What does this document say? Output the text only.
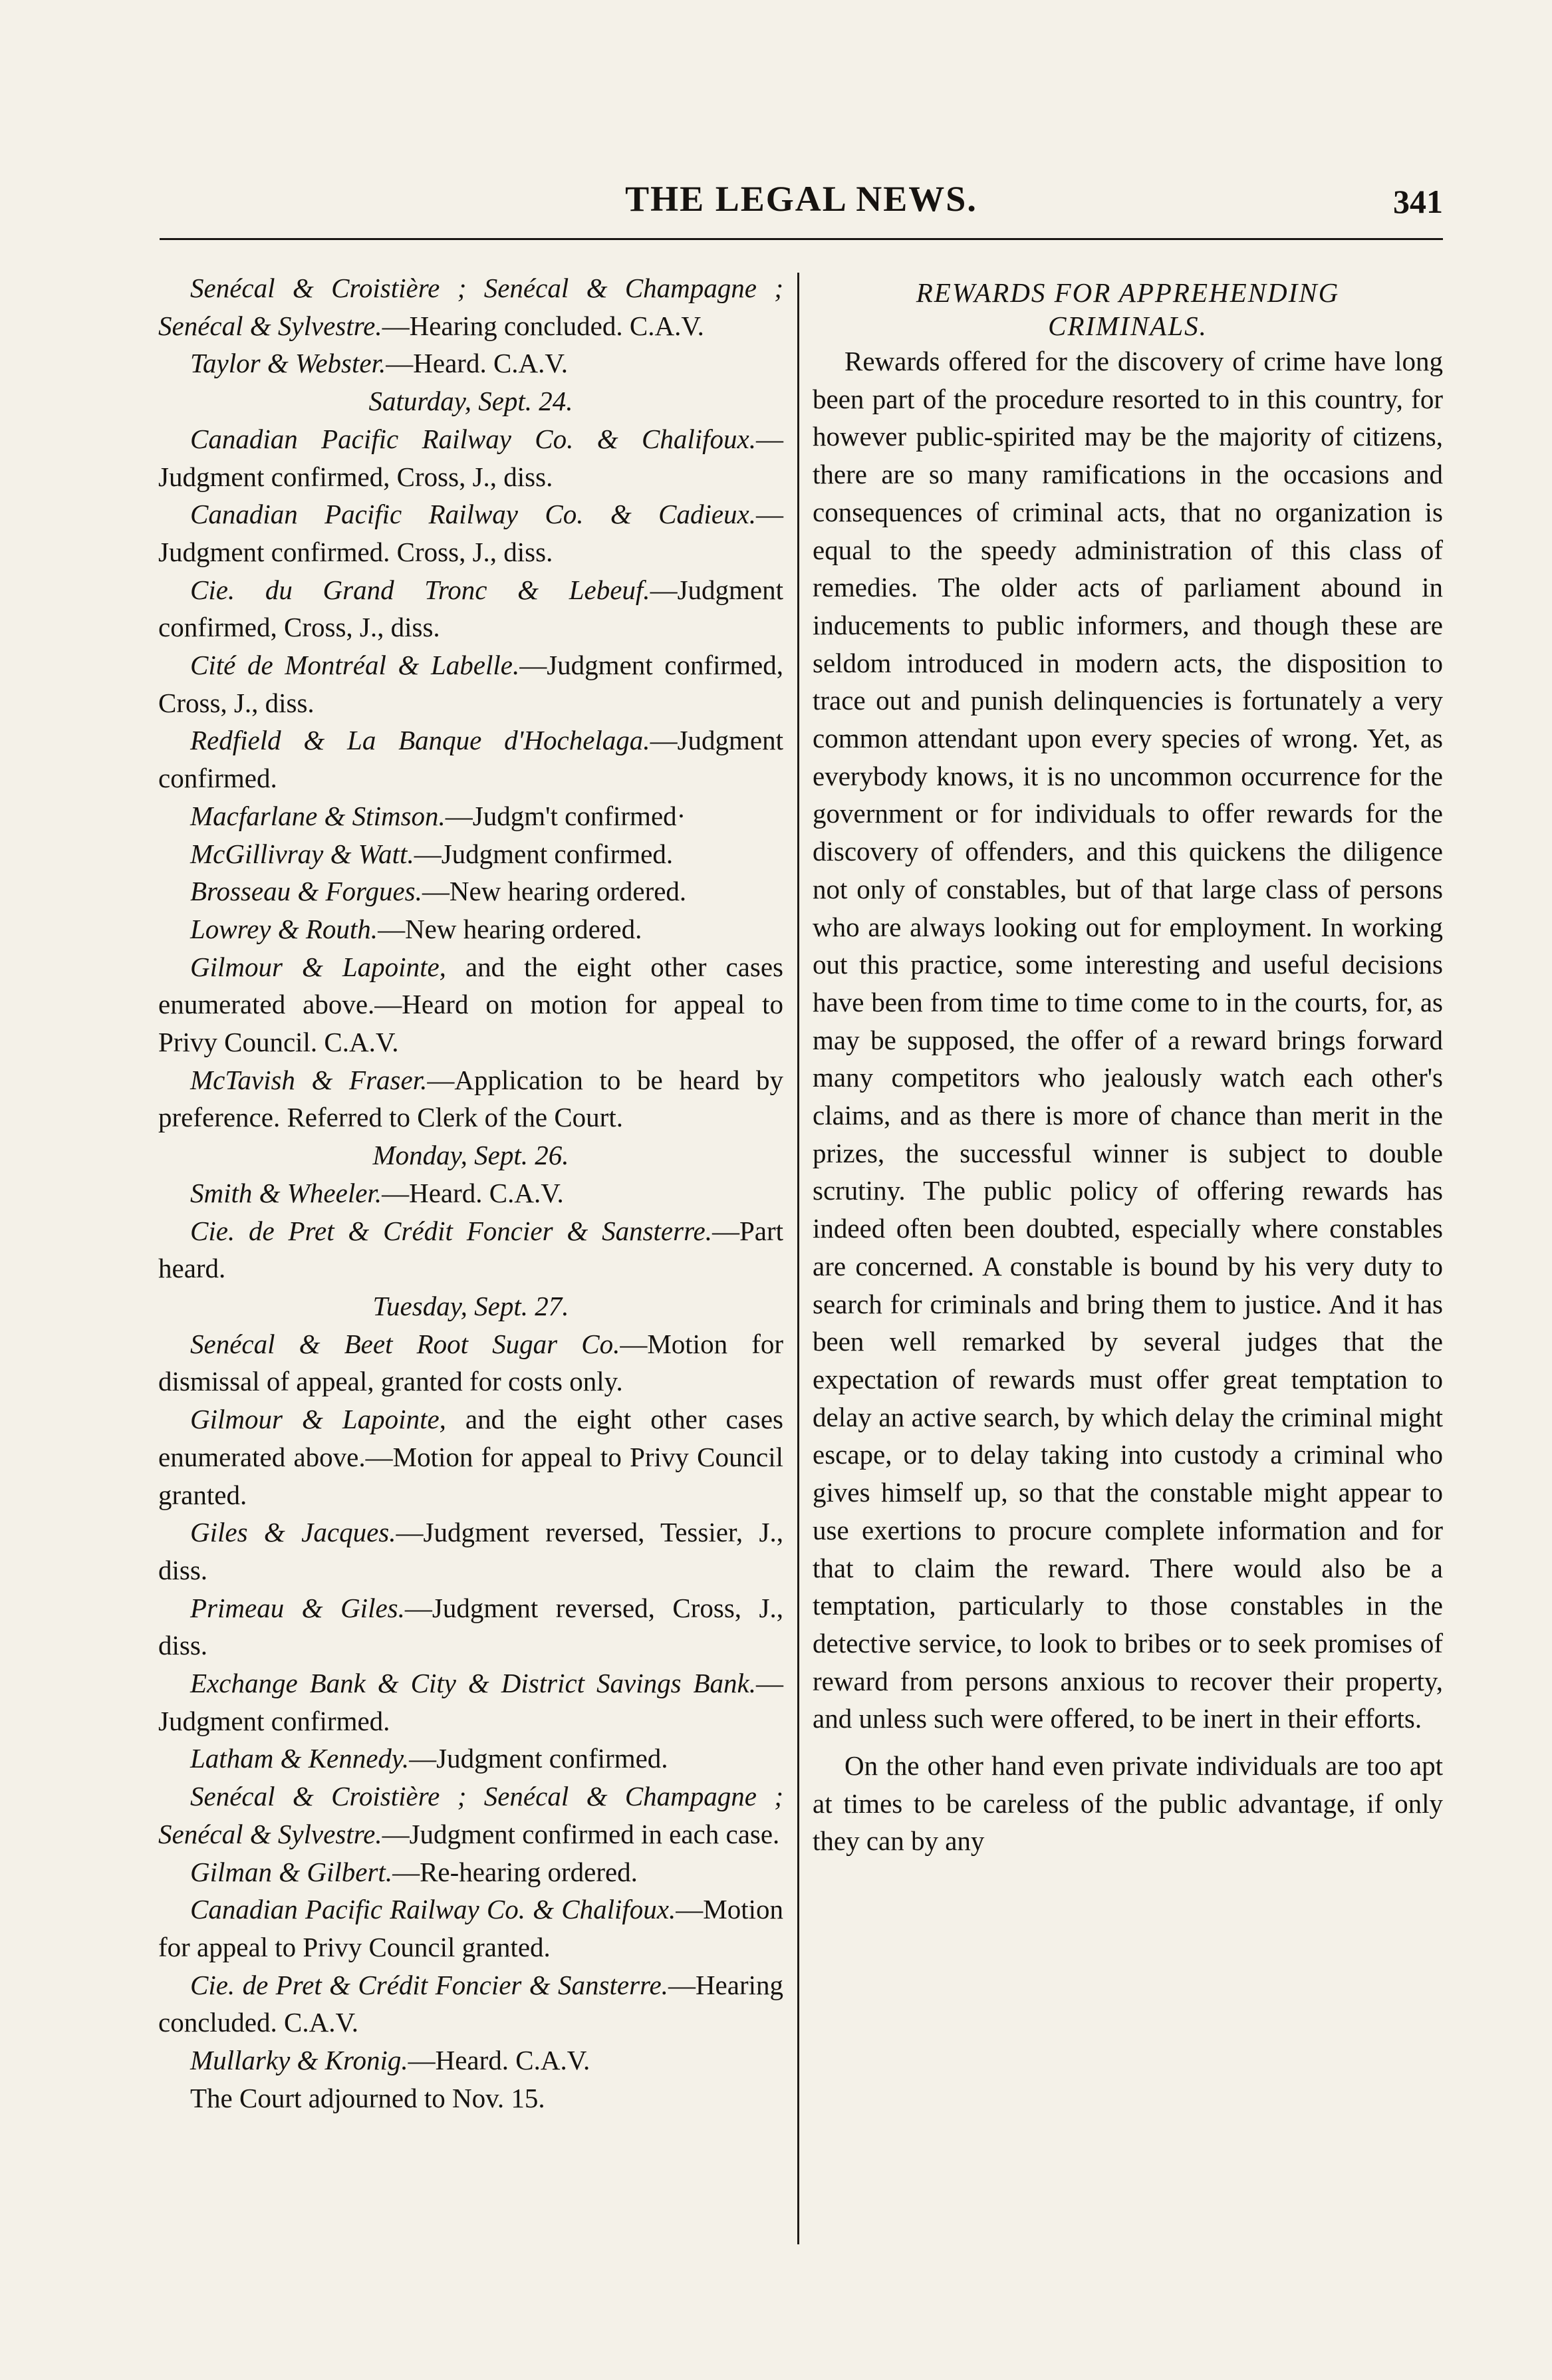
THE LEGAL NEWS.	341

Senécal & Croistière ; Senécal & Champagne ; Senécal & Sylvestre.—Hearing concluded. C.A.V.

Taylor & Webster.—Heard. C.A.V.

Saturday, Sept. 24.

Canadian Pacific Railway Co. & Chalifoux.—Judgment confirmed, Cross, J., diss.

Canadian Pacific Railway Co. & Cadieux.—Judgment confirmed. Cross, J., diss.

Cie. du Grand Tronc & Lebeuf.—Judgment confirmed, Cross, J., diss.

Cité de Montréal & Labelle.—Judgment confirmed, Cross, J., diss.

Redfield & La Banque d'Hochelaga.—Judgment confirmed.

Macfarlane & Stimson.—Judgm't confirmed·

McGillivray & Watt.—Judgment confirmed.

Brosseau & Forgues.—New hearing ordered.

Lowrey & Routh.—New hearing ordered.

Gilmour & Lapointe, and the eight other cases enumerated above.—Heard on motion for appeal to Privy Council. C.A.V.

McTavish & Fraser.—Application to be heard by preference. Referred to Clerk of the Court.

Monday, Sept. 26.

Smith & Wheeler.—Heard. C.A.V.

Cie. de Pret & Crédit Foncier & Sansterre.—Part heard.

Tuesday, Sept. 27.

Senécal & Beet Root Sugar Co.—Motion for dismissal of appeal, granted for costs only.

Gilmour & Lapointe, and the eight other cases enumerated above.—Motion for appeal to Privy Council granted.

Giles & Jacques.—Judgment reversed, Tessier, J., diss.

Primeau & Giles.—Judgment reversed, Cross, J., diss.

Exchange Bank & City & District Savings Bank.—Judgment confirmed.

Latham & Kennedy.—Judgment confirmed.

Senécal & Croistière ; Senécal & Champagne ; Senécal & Sylvestre.—Judgment confirmed in each case.

Gilman & Gilbert.—Re-hearing ordered.

Canadian Pacific Railway Co. & Chalifoux.—Motion for appeal to Privy Council granted.

Cie. de Pret & Crédit Foncier & Sansterre.—Hearing concluded. C.A.V.

Mullarky & Kronig.—Heard. C.A.V.

The Court adjourned to Nov. 15.

REWARDS FOR APPREHENDING
CRIMINALS.

Rewards offered for the discovery of crime have long been part of the procedure resorted to in this country, for however public-spirited may be the majority of citizens, there are so many ramifications in the occasions and consequences of criminal acts, that no organization is equal to the speedy administration of this class of remedies. The older acts of parliament abound in inducements to public informers, and though these are seldom introduced in modern acts, the disposition to trace out and punish delinquencies is fortunately a very common attendant upon every species of wrong. Yet, as everybody knows, it is no uncommon occurrence for the government or for individuals to offer rewards for the discovery of offenders, and this quickens the diligence not only of constables, but of that large class of persons who are always looking out for employment. In working out this practice, some interesting and useful decisions have been from time to time come to in the courts, for, as may be supposed, the offer of a reward brings forward many competitors who jealously watch each other's claims, and as there is more of chance than merit in the prizes, the successful winner is subject to double scrutiny. The public policy of offering rewards has indeed often been doubted, especially where constables are concerned. A constable is bound by his very duty to search for criminals and bring them to justice. And it has been well remarked by several judges that the expectation of rewards must offer great temptation to delay an active search, by which delay the criminal might escape, or to delay taking into custody a criminal who gives himself up, so that the constable might appear to use exertions to procure complete information and for that to claim the reward. There would also be a temptation, particularly to those constables in the detective service, to look to bribes or to seek promises of reward from persons anxious to recover their property, and unless such were offered, to be inert in their efforts.

On the other hand even private individuals are too apt at times to be careless of the public advantage, if only they can by any
